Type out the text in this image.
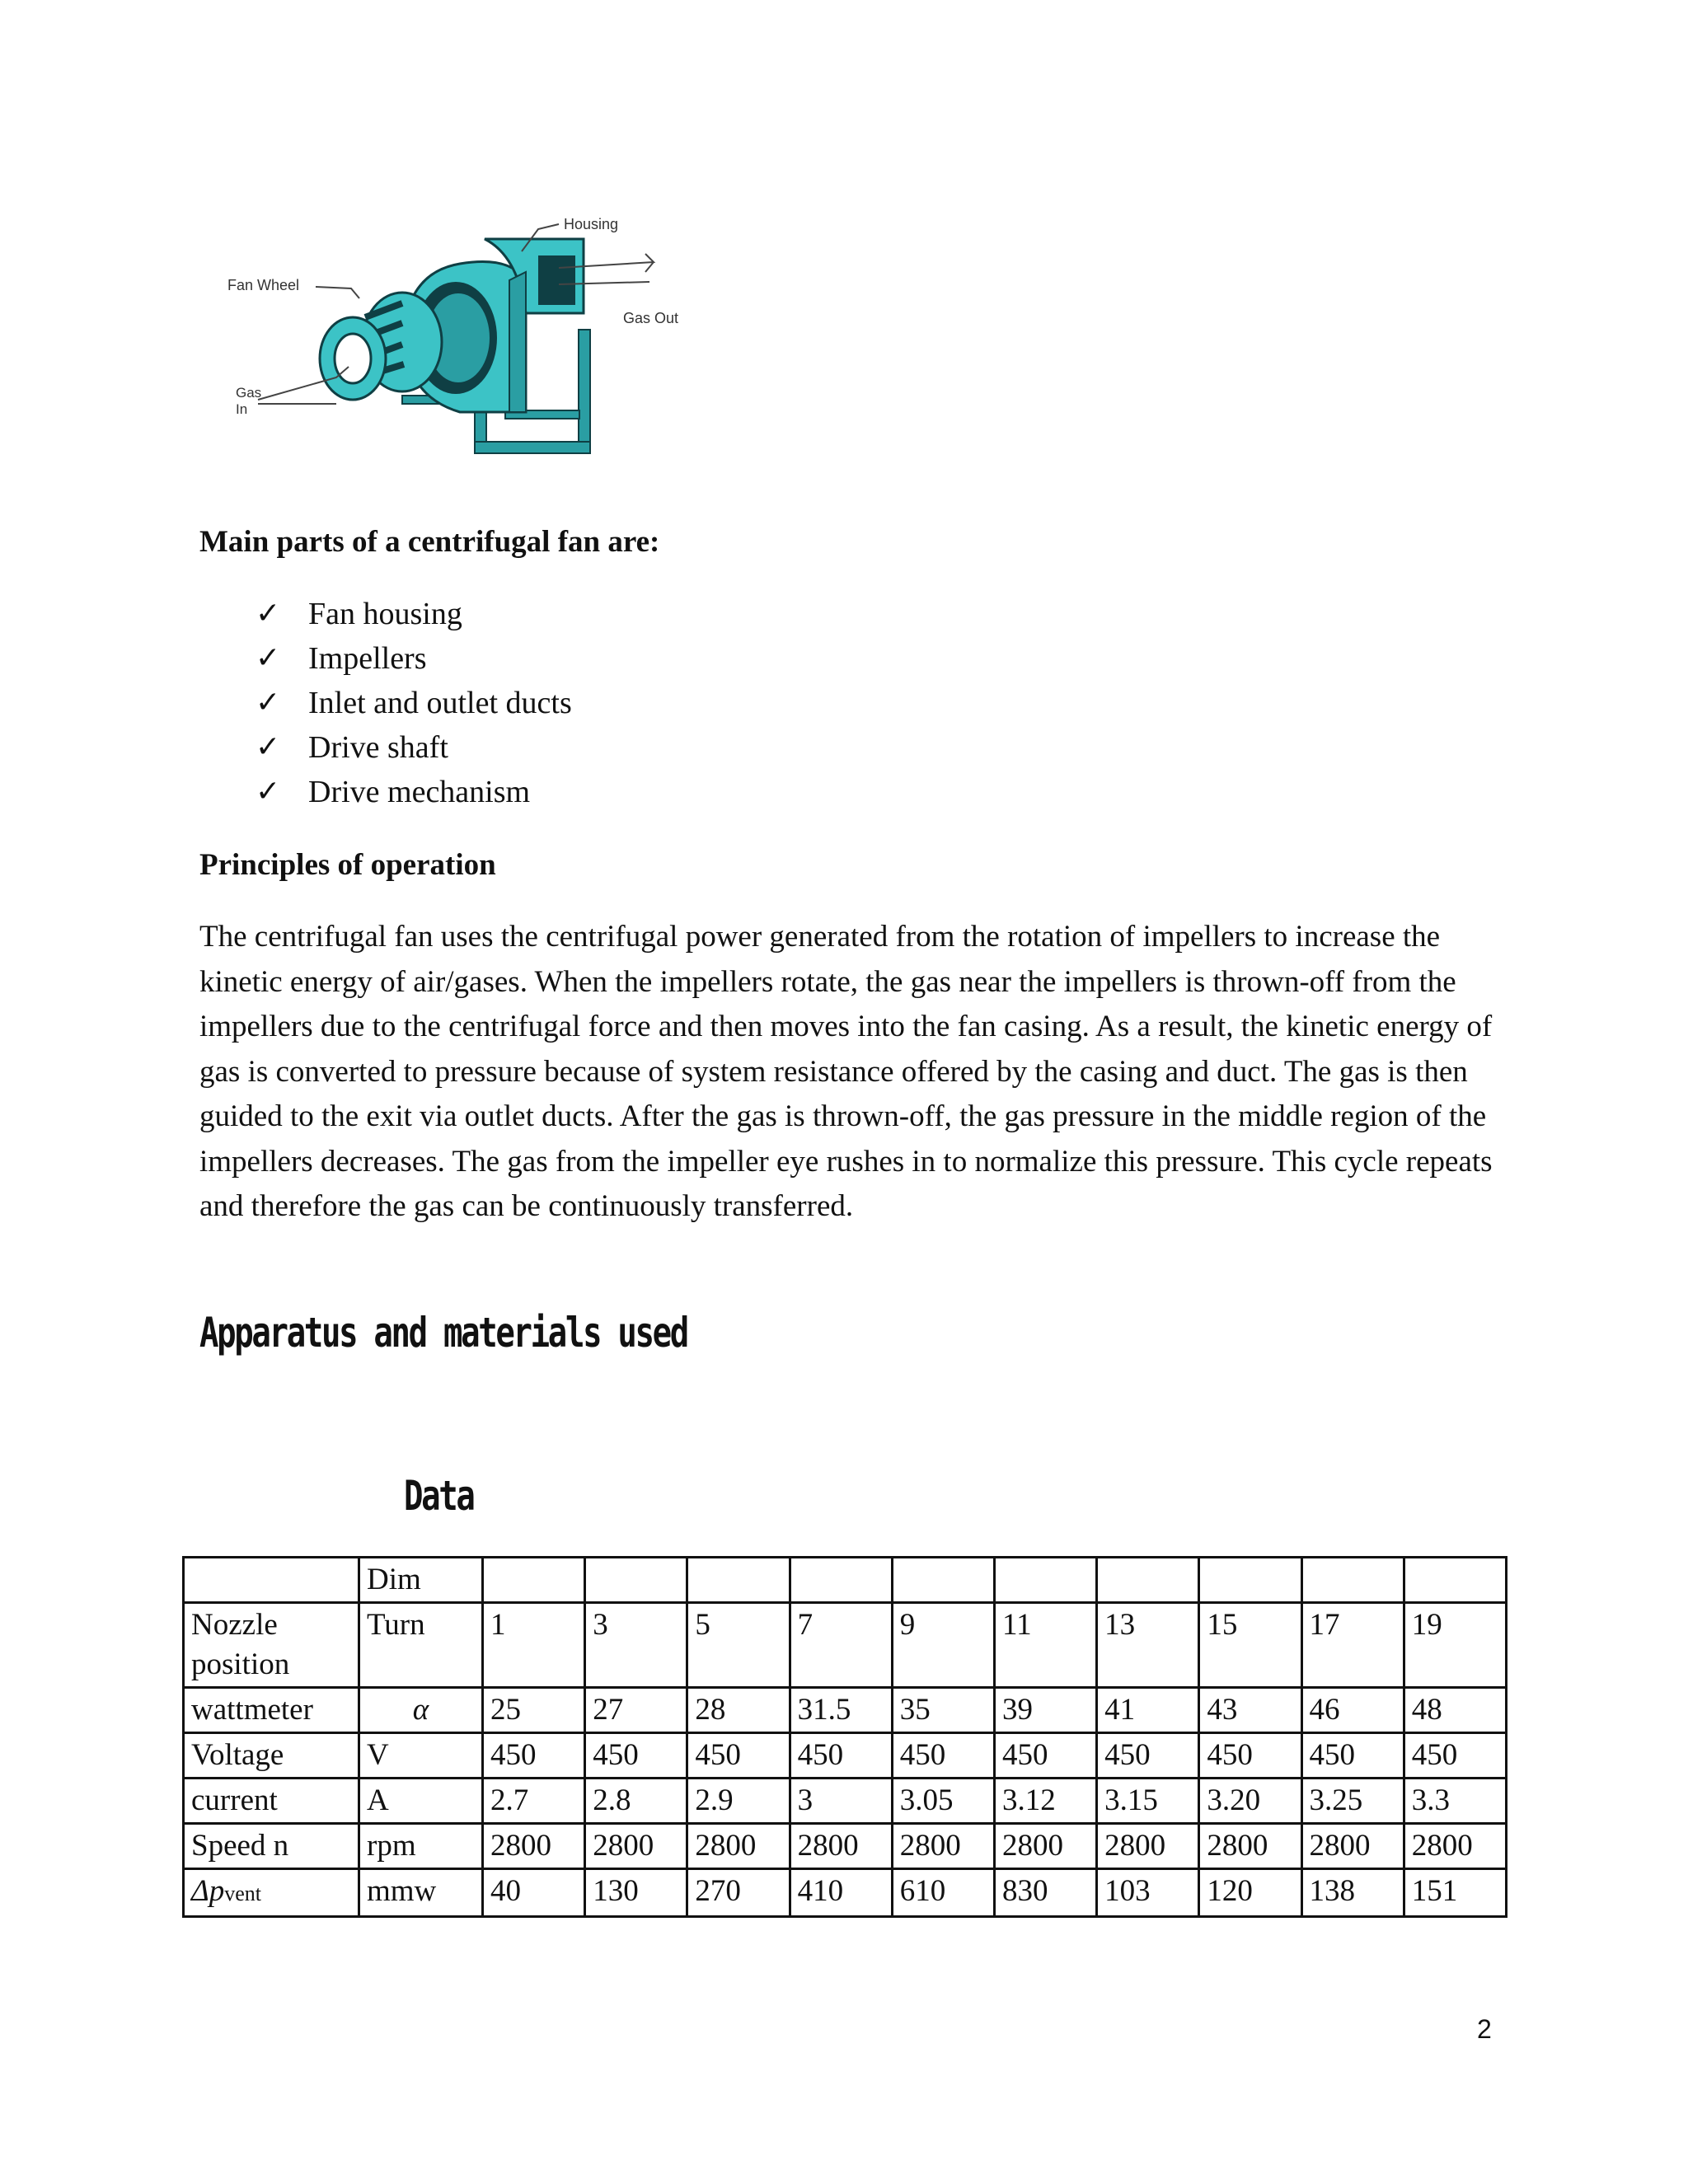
Housing
Fan Wheel
Gas Out
Gas
In
Main parts of a centrifugal fan are:
✓ Fan housing
✓ Impellers
✓ Inlet and outlet ducts
✓ Drive shaft
✓ Drive mechanism
Principles of operation

The centrifugal fan uses the centrifugal power generated from the rotation of impellers to increase the kinetic energy of air/gases. When the impellers rotate, the gas near the impellers is thrown-off from the impellers due to the centrifugal force and then moves into the fan casing. As a result, the kinetic energy of gas is converted to pressure because of system resistance offered by the casing and duct. The gas is then guided to the exit via outlet ducts. After the gas is thrown-off, the gas pressure in the middle region of the impellers decreases. The gas from the impeller eye rushes in to normalize this pressure. This cycle repeats and therefore the gas can be continuously transferred.

Apparatus and materials used
Data
	Dim										
Nozzle position	Turn	1	3	5	7	9	11	13	15	17	19
wattmeter	α	25	27	28	31.5	35	39	41	43	46	48
Voltage	V	450	450	450	450	450	450	450	450	450	450
current	A	2.7	2.8	2.9	3	3.05	3.12	3.15	3.20	3.25	3.3
Speed n	rpm	2800	2800	2800	2800	2800	2800	2800	2800	2800	2800
Δpvent	mmw	40	130	270	410	610	830	103	120	138	151
2
